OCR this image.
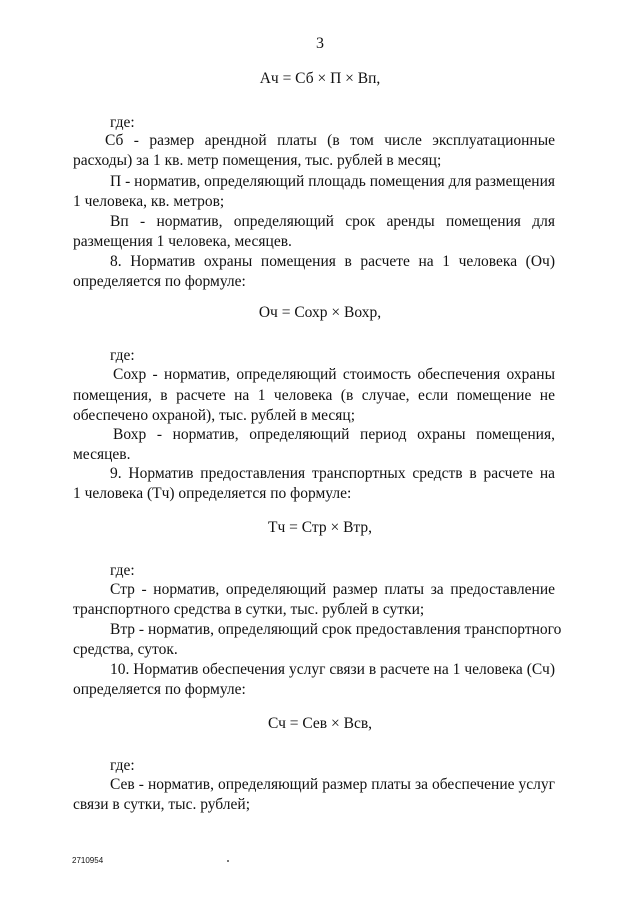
3
Ач = Сб × П × Вп,
где:
Сб - размер арендной платы (в том числе эксплуатационные
расходы) за 1 кв. метр помещения, тыс. рублей в месяц;
П - норматив, определяющий площадь помещения для размещения
1 человека, кв. метров;
Вп - норматив, определяющий срок аренды помещения для
размещения 1 человека, месяцев.
8. Норматив охраны помещения в расчете на 1 человека (Оч)
определяется по формуле:
Оч = Сохр × Вохр,
где:
Сохр - норматив, определяющий стоимость обеспечения охраны
помещения, в расчете на 1 человека (в случае, если помещение не
обеспечено охраной), тыс. рублей в месяц;
Вохр - норматив, определяющий период охраны помещения,
месяцев.
9. Норматив предоставления транспортных средств в расчете на
1 человека (Тч) определяется по формуле:
Тч = Стр × Втр,
где:
Стр - норматив, определяющий размер платы за предоставление
транспортного средства в сутки, тыс. рублей в сутки;
Втр - норматив, определяющий срок предоставления транспортного
средства, суток.
10. Норматив обеспечения услуг связи в расчете на 1 человека (Сч)
определяется по формуле:
Сч = Сев × Всв,
где:
Сев - норматив, определяющий размер платы за обеспечение услуг
связи в сутки, тыс. рублей;
2710954
